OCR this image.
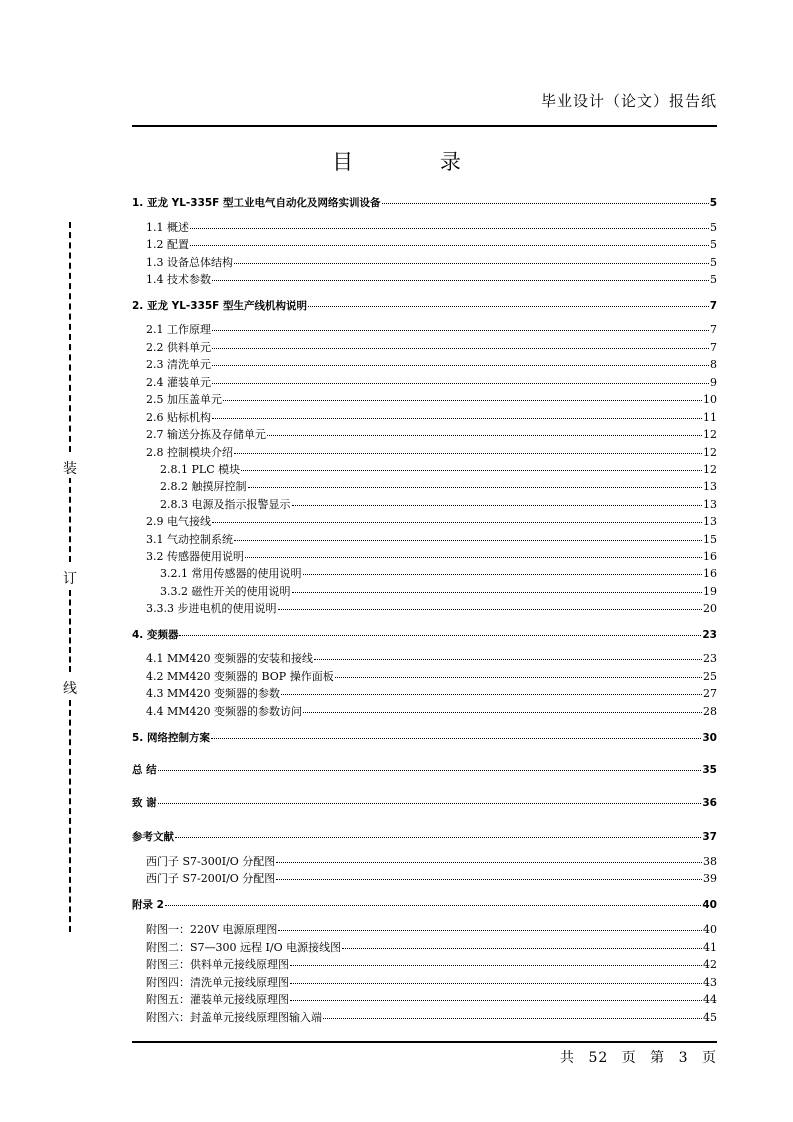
毕业设计（论文）报告纸
目 录
装
订
线
1. 亚龙 YL-335F 型工业电气自动化及网络实训设备	5
1.1 概述	5
1.2 配置	5
1.3 设备总体结构	5
1.4 技术参数	5
2. 亚龙 YL-335F 型生产线机构说明	7
2.1 工作原理	7
2.2 供料单元	7
2.3 清洗单元	8
2.4 灌装单元	9
2.5 加压盖单元	10
2.6 贴标机构	11
2.7 输送分拣及存储单元	12
2.8 控制模块介绍	12
2.8.1 PLC 模块	12
2.8.2 触摸屏控制	13
2.8.3 电源及指示报警显示	13
2.9 电气接线	13
3.1 气动控制系统	15
3.2 传感器使用说明	16
3.2.1 常用传感器的使用说明	16
3.3.2 磁性开关的使用说明	19
3.3.3 步进电机的使用说明	20
4. 变频器	23
4.1 MM420 变频器的安装和接线	23
4.2 MM420 变频器的 BOP 操作面板	25
4.3 MM420 变频器的参数	27
4.4 MM420 变频器的参数访问	28
5. 网络控制方案	30
总 结	35
致 谢	36
参考文献	37
西门子 S7-300I/O 分配图	38
西门子 S7-200I/O 分配图	39
附录 2	40
附图一：220V 电源原理图	40
附图二：S7—300 远程 I/O 电源接线图	41
附图三：供料单元接线原理图	42
附图四：清洗单元接线原理图	43
附图五：灌装单元接线原理图	44
附图六：封盖单元接线原理图输入端	45
共 52 页 第 3 页
